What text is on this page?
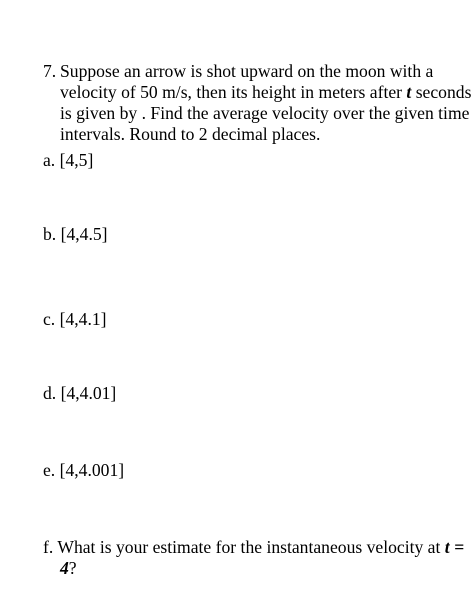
7. Suppose an arrow is shot upward on the moon with a
velocity of 50 m/s, then its height in meters after t seconds
is given by . Find the average velocity over the given time
intervals. Round to 2 decimal places.
a. [4,5]
b. [4,4.5]
c. [4,4.1]
d. [4,4.01]
e. [4,4.001]
f. What is your estimate for the instantaneous velocity at t =
4?
